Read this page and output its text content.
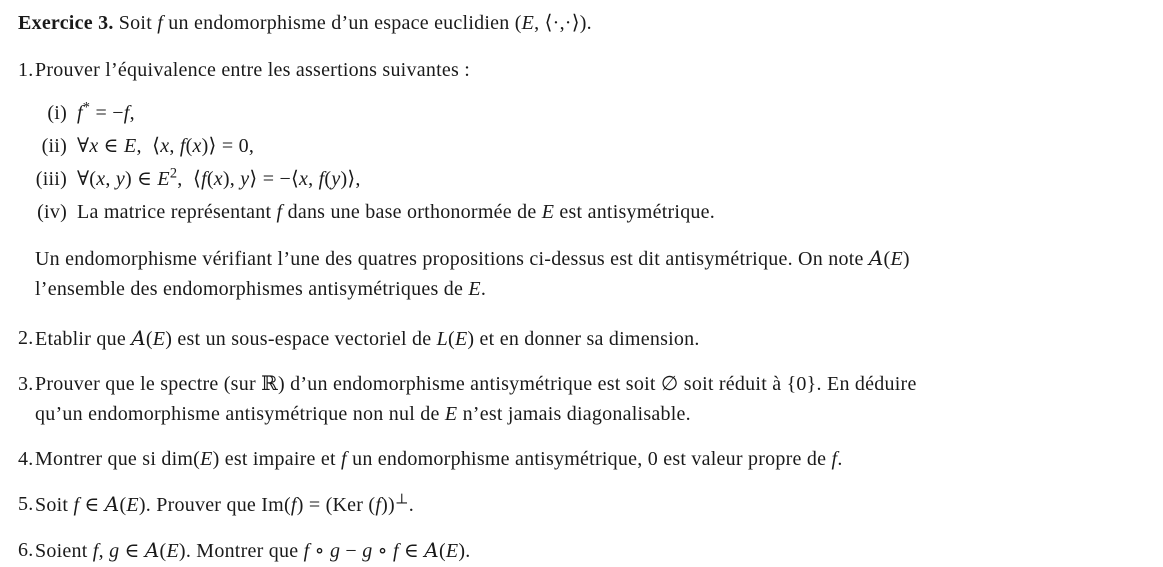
Exercice 3. Soit f un endomorphisme d’un espace euclidien (E, ⟨·,·⟩).

1. Prouver l’équivalence entre les assertions suivantes :

(i) f* = −f,
(ii) ∀x ∈ E,  ⟨x, f(x)⟩ = 0,
(iii) ∀(x, y) ∈ $E^2$,  ⟨f(x), y⟩ = −⟨x, f(y)⟩,
(iv) La matrice représentant f dans une base orthonormée de E est antisymétrique.

Un endomorphisme vérifiant l’une des quatres propositions ci-dessus est dit antisymétrique. On note A(E)
l’ensemble des endomorphismes antisymétriques de E.

2. Etablir que A(E) est un sous-espace vectoriel de L(E) et en donner sa dimension.

3. Prouver que le spectre (sur ℝ) d’un endomorphisme antisymétrique est soit ∅ soit réduit à {0}. En déduire
qu’un endomorphisme antisymétrique non nul de E n’est jamais diagonalisable.

4. Montrer que si dim(E) est impaire et f un endomorphisme antisymétrique, 0 est valeur propre de f.

5. Soit f ∈ A(E). Prouver que Im(f) = (Ker (f))⊥.

6. Soient f, g ∈ A(E). Montrer que f ∘ g − g ∘ f ∈ A(E).
